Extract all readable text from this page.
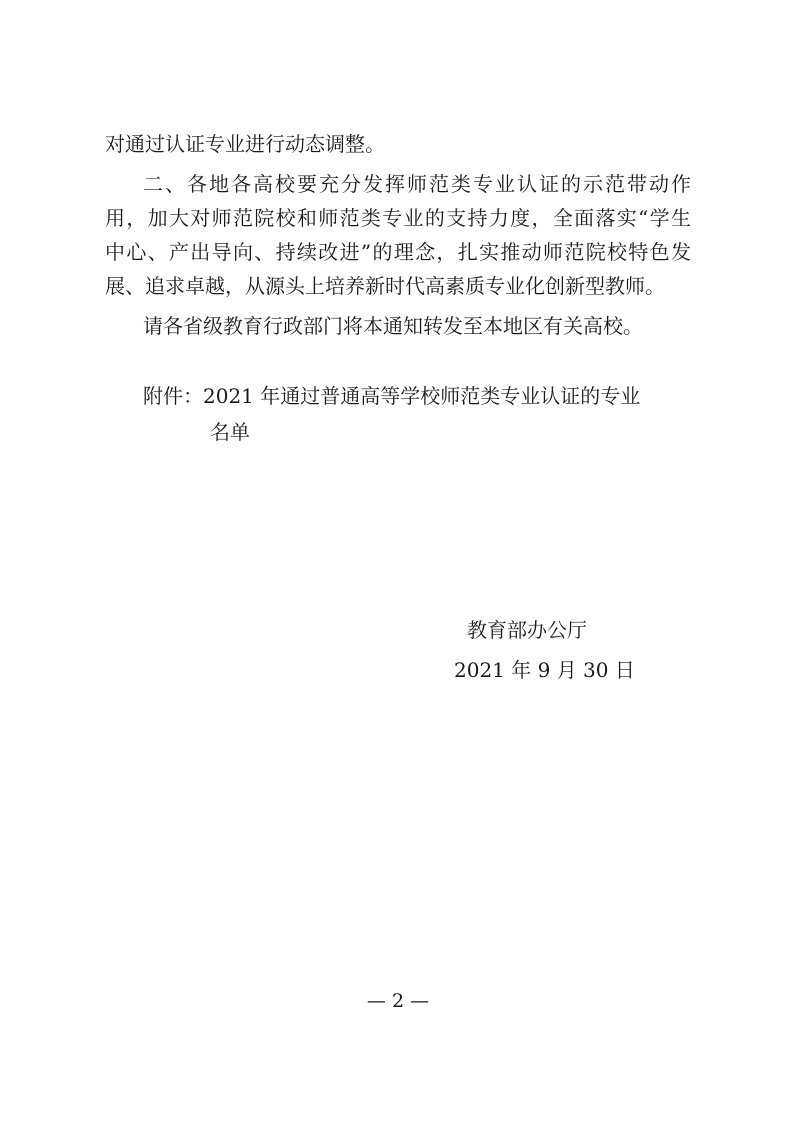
对通过认证专业进行动态调整。
二、各地各高校要充分发挥师范类专业认证的示范带动作
用，加大对师范院校和师范类专业的支持力度，全面落实“学生
中心、产出导向、持续改进”的理念，扎实推动师范院校特色发
展、追求卓越，从源头上培养新时代高素质专业化创新型教师。
请各省级教育行政部门将本通知转发至本地区有关高校。
附件：2021 年通过普通高等学校师范类专业认证的专业
名单
教育部办公厅
2021 年 9 月 30 日
— 2 —
